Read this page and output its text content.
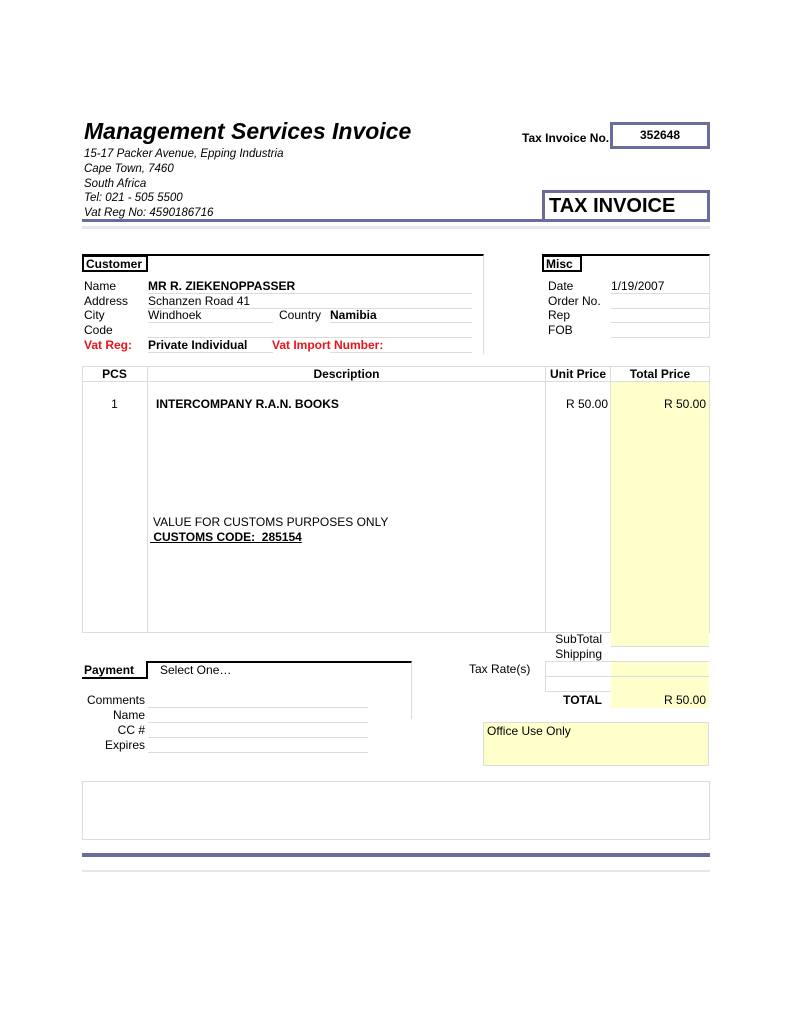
Management Services Invoice
15-17 Packer Avenue, Epping Industria
Cape Town, 7460
South Africa
Tel: 021 - 505 5500
Vat Reg No: 4590186716
Tax Invoice No.	352648
TAX INVOICE
Customer
Name	MR R. ZIEKENOPPASSER
Address Schanzen Road 41
City	Windhoek	Country Namibia
Code
Vat Reg: Private Individual	Vat Import Number:
Misc
Date	1/19/2007
Order No.
Rep
FOB
PCS	Description	Unit Price	Total Price
1	INTERCOMPANY R.A.N. BOOKS	R 50.00	R 50.00
VALUE FOR CUSTOMS PURPOSES ONLY
CUSTOMS CODE:  285154
SubTotal
Shipping
Tax Rate(s)
TOTAL	R 50.00
Payment	Select One…
Comments
Name
CC #
Expires
Office Use Only
